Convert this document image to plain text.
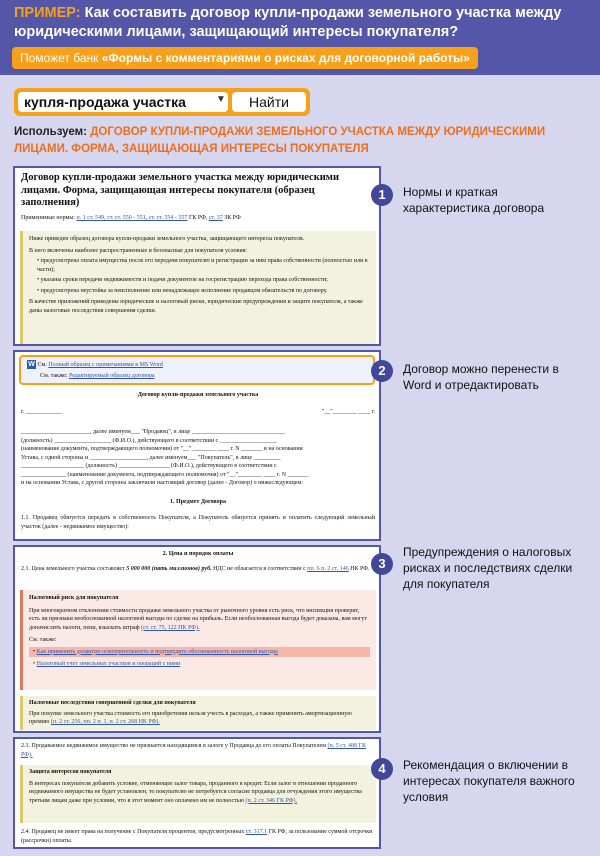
ПРИМЕР: Как составить договор купли-продажи земельного участка между юридическими лицами, защищающий интересы покупателя?
Поможет банк «Формы с комментариями о рисках для договорной работы»
купля-продажа участка	▼	Найти
Используем: ДОГОВОР КУПЛИ-ПРОДАЖИ ЗЕМЕЛЬНОГО УЧАСТКА МЕЖДУ ЮРИДИЧЕСКИМИ ЛИЦАМИ. ФОРМА, ЗАЩИЩАЮЩАЯ ИНТЕРЕСЫ ПОКУПАТЕЛЯ
Договор купли-продажи земельного участка между юридическими лицами. Форма, защищающая интересы покупателя (образец заполнения)
Применимые нормы: п. 1 ст. 549, ст. ст. 550 - 551, ст. ст. 554 - 557 ГК РФ, ст. 37 ЗК РФ
Ниже приведен образец договора купли-продажи земельного участка, защищающего интересы покупателя.
В него включены наиболее распространенные и безопасные для покупателя условия:
• предусмотрена оплата имущества после его передачи покупателю и регистрации за ним права собственности (полностью или в части);
• указаны сроки передачи недвижимости и подачи документов на госрегистрацию перехода права собственности;
• предусмотрена неустойка за неисполнение или ненадлежащее исполнение продавцом обязательств по договору.
В качестве приложений приведены юридические и налоговый риски, юридические предупреждения и защите покупателя, а также даны налоговые последствия совершения сделки.
W См. Полный образец с примечаниями в MS Word
См. также: Редактируемый образец договора
Договор купли-продажи земельного участка
г. ____________	"__"________ ____ г.
_______________________, далее именуем___ "Продавец", в лице _______________________________
(должность) ___________________ (Ф.И.О.), действующего в соответствии с ___________________
(наименование документа, подтверждающего полномочия) от "__"________ ____ г. N _______ и на основании
Устава, с одной стороны и ___________________, далее именуем___ "Покупатель", в лице _________
_____________________ (должность) _________________ (Ф.И.О.), действующего в соответствии с
_______________ (наименование документа, подтверждающего полномочия) от "__"________ ____ г. N _______
и на основании Устава, с другой стороны заключили настоящий договор (далее - Договор) о нижеследующем:
1. Предмет Договора
1.1. Продавец обязуется передать в собственность Покупателя, а Покупатель обязуется принять и оплатить следующий земельный участок (далее - недвижимое имущество):
2. Цена и порядок оплаты
2.1. Цена земельного участка составляет 5 000 000 (пять миллионов) руб. НДС не облагается в соответствии с пп. 6 п. 2 ст. 146 НК РФ.
Налоговый риск для покупателя
При многократном отклонении стоимости продажи земельного участка от рыночного уровня есть риск, что инспекция проверит, есть ли признаки необоснованной налоговой выгоды по сделке на прибыль. Если необоснованная выгода будет доказана, вам могут доначислить налоги, пени, взыскать штраф (ст. ст. 75, 122 НК РФ).
См. также:
• Как применить должную осмотрительность и подтвердить обоснованность налоговой выгоды
• Налоговый учет земельных участков и операций с ними
Налоговые последствия совершенной сделки для покупателя
При покупке земельного участка стоимость его приобретения нельзя учесть в расходах, а также применить амортизационную премию (п. 2 ст. 256, пп. 2 п. 1, п. 2 ст. 268 НК РФ).
2.3. Продаваемое недвижимое имущество не признается находящимся в залоге у Продавца до его оплаты Покупателем (п. 5 ст. 488 ГК РФ).
Защита интересов покупателя
В интересах покупателя добавить условие, отменяющее залог товара, проданного в кредит. Если залог в отношении проданного недвижимого имущества не будет установлен, то покупателю не потребуется согласие продавца для отчуждения этого имущества третьим лицам даже при условии, что в этот момент оно оплачено им не полностью (п. 2 ст. 346 ГК РФ).
2.4. Продавец не имеет права на получение с Покупателя процентов, предусмотренных ст. 317.1 ГК РФ, за пользование суммой отсрочки (рассрочки) оплаты.
1	Нормы и краткая характеристика договора
2	Договор можно перенести в Word и отредактировать
3
Предупреждения о налоговых рисках и последствиях сделки для покупателя
4	Рекомендация о включении в интересах покупателя важного условия
